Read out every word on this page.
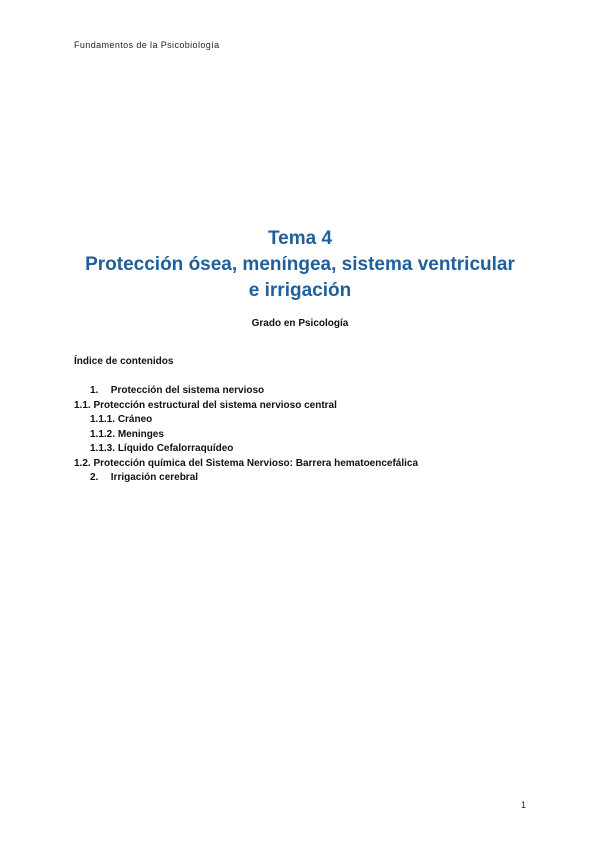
Fundamentos de la Psicobiología

Tema 4

Protección ósea, meníngea, sistema ventricular

e irrigación

Grado en Psicología

Índice de contenidos

1. Protección del sistema nervioso
1.1. Protección estructural del sistema nervioso central
1.1.1. Cráneo
1.1.2. Meninges
1.1.3. Líquido Cefalorraquídeo
1.2. Protección química del Sistema Nervioso: Barrera hematoencefálica
2. Irrigación cerebral
1
